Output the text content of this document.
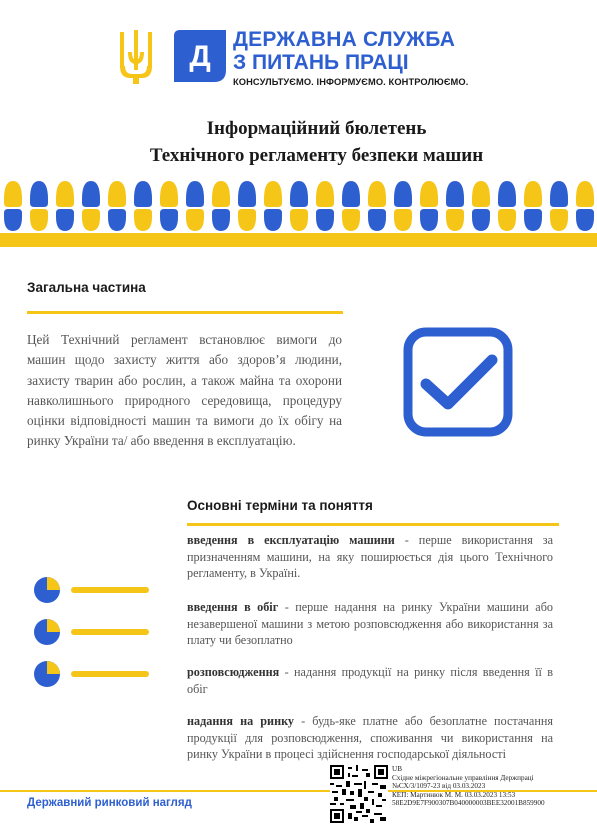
Д
ДЕРЖАВНА СЛУЖБА
З ПИТАНЬ ПРАЦІ
КОНСУЛЬТУЄМО. ІНФОРМУЄМО. КОНТРОЛЮЄМО.
Інформаційний бюлетень
Технічного регламенту безпеки машин
Загальна частина
Цей Технічний регламент встановлює вимоги до машин щодо захисту життя або здоров’я людини, захисту тварин або рослин, а також майна та охорони навколишнього природного середовища, процедуру оцінки відповідності машин та вимоги до їх обігу на ринку України та/ або введення в експлуатацію.
Основні терміни та поняття
введення в експлуатацію машини - перше використання за призначенням машини, на яку поширюється дія цього Технічного регламенту, в Україні.
введення в обіг - перше надання на ринку України машини або незавершеної машини з метою розповсюдження або використання за плату чи безоплатно
розповсюдження - надання продукції на ринку після введення її в обіг
надання на ринку - будь-яке платне або безоплатне постачання продукції для розповсюдження, споживання чи використання на ринку України в процесі здійснення господарської діяльності
Державний ринковий нагляд
UB
Східне міжрегіональне управління Держпраці
№СХ/3/1097-23 від 03.03.2023
КЕП: Мартинюк М. М. 03.03.2023 13:53
58E2D9E7F900307B040000003BEE32001B859900
